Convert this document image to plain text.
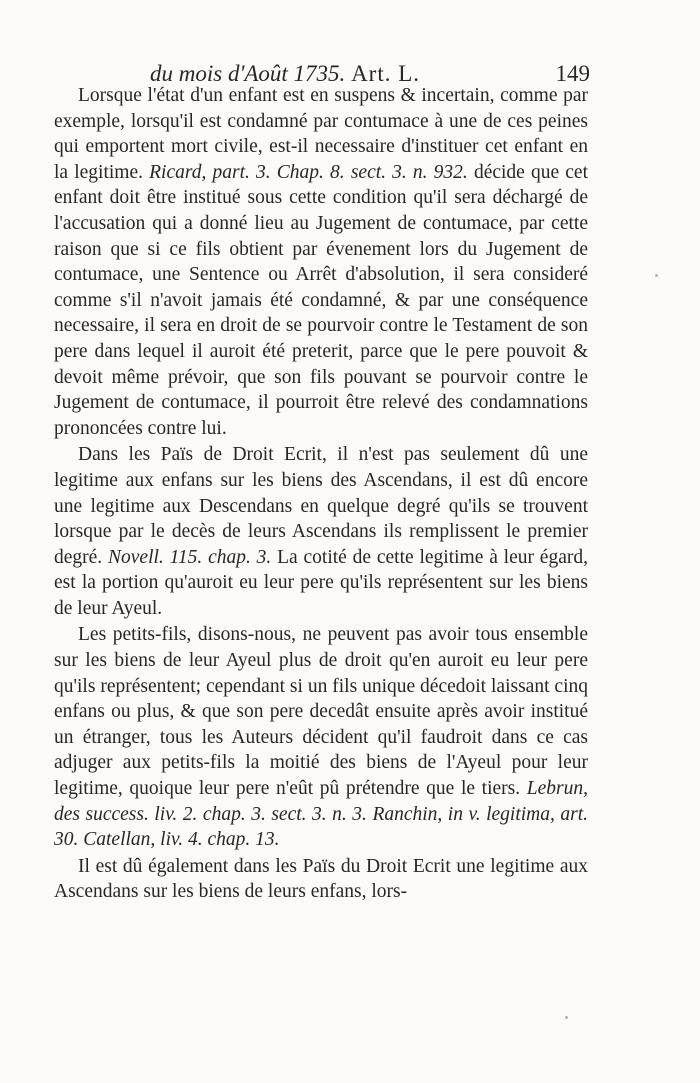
du mois d'Août 1735. Art. L.	149

Lorsque l'état d'un enfant est en suspens & incertain, comme par exemple, lorsqu'il est condamné par contumace à une de ces peines qui emportent mort civile, est-il necessaire d'instituer cet enfant en la legitime. Ricard, part. 3. Chap. 8. sect. 3. n. 932. décide que cet enfant doit être institué sous cette condition qu'il sera déchargé de l'accusation qui a donné lieu au Jugement de contumace, par cette raison que si ce fils obtient par évenement lors du Jugement de contumace, une Sentence ou Arrêt d'absolution, il sera consideré comme s'il n'avoit jamais été condamné, & par une conséquence necessaire, il sera en droit de se pourvoir contre le Testament de son pere dans lequel il auroit été preterit, parce que le pere pouvoit & devoit même prévoir, que son fils pouvant se pourvoir contre le Jugement de contumace, il pourroit être relevé des condamnations prononcées contre lui.

Dans les Païs de Droit Ecrit, il n'est pas seulement dû une legitime aux enfans sur les biens des Ascendans, il est dû encore une legitime aux Descendans en quelque degré qu'ils se trouvent lorsque par le decès de leurs Ascendans ils remplissent le premier degré. Novell. 115. chap. 3. La cotité de cette legitime à leur égard, est la portion qu'auroit eu leur pere qu'ils représentent sur les biens de leur Ayeul.

Les petits-fils, disons-nous, ne peuvent pas avoir tous ensemble sur les biens de leur Ayeul plus de droit qu'en auroit eu leur pere qu'ils représentent; cependant si un fils unique décedoit laissant cinq enfans ou plus, & que son pere decedât ensuite après avoir institué un étranger, tous les Auteurs décident qu'il faudroit dans ce cas adjuger aux petits-fils la moitié des biens de l'Ayeul pour leur legitime, quoique leur pere n'eût pû prétendre que le tiers. Lebrun, des success. liv. 2. chap. 3. sect. 3. n. 3. Ranchin, in v. legitima, art. 30. Catellan, liv. 4. chap. 13.

Il est dû également dans les Païs du Droit Ecrit une legitime aux Ascendans sur les biens de leurs enfans, lors-
